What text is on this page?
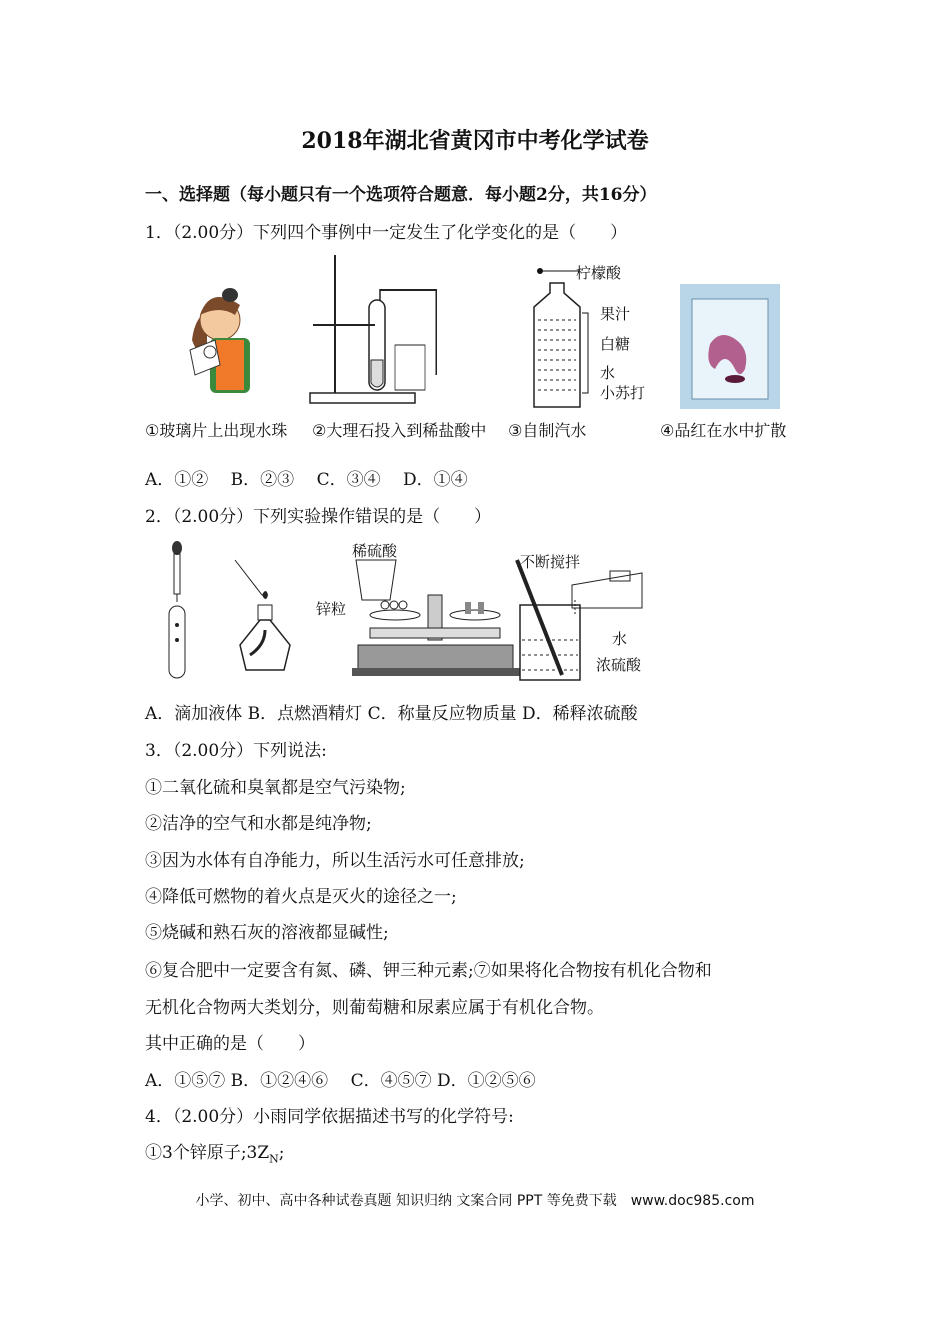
2018年湖北省黄冈市中考化学试卷
一、选择题（每小题只有一个选项符合题意．每小题2分，共16分）
1．（2.00分）下列四个事例中一定发生了化学变化的是（　　）
柠檬酸
果汁
白糖
水
小苏打
①玻璃片上出现水珠 ②大理石投入到稀盐酸中 ③自制汽水	④品红在水中扩散
A．①②　 B．②③　 C．③④　 D．①④
2．（2.00分）下列实验操作错误的是（　　）
稀硫酸
锌粒
不断搅拌
水
浓硫酸
A．滴加液体 B．点燃酒精灯 C．称量反应物质量 D．稀释浓硫酸
3．（2.00分）下列说法:
①二氧化硫和臭氧都是空气污染物;
②洁净的空气和水都是纯净物;
③因为水体有自净能力，所以生活污水可任意排放;
④降低可燃物的着火点是灭火的途径之一;
⑤烧碱和熟石灰的溶液都显碱性;
⑥复合肥中一定要含有氮、磷、钾三种元素;⑦如果将化合物按有机化合物和
无机化合物两大类划分，则葡萄糖和尿素应属于有机化合物。
其中正确的是（　　）
A．①⑤⑦ B．①②④⑥　 C．④⑤⑦ D．①②⑤⑥
4．（2.00分）小雨同学依据描述书写的化学符号:
①3个锌原子$;3Z_N$;
小学、初中、高中各种试卷真题 知识归纳 文案合同 PPT 等免费下载　www.doc985.com
